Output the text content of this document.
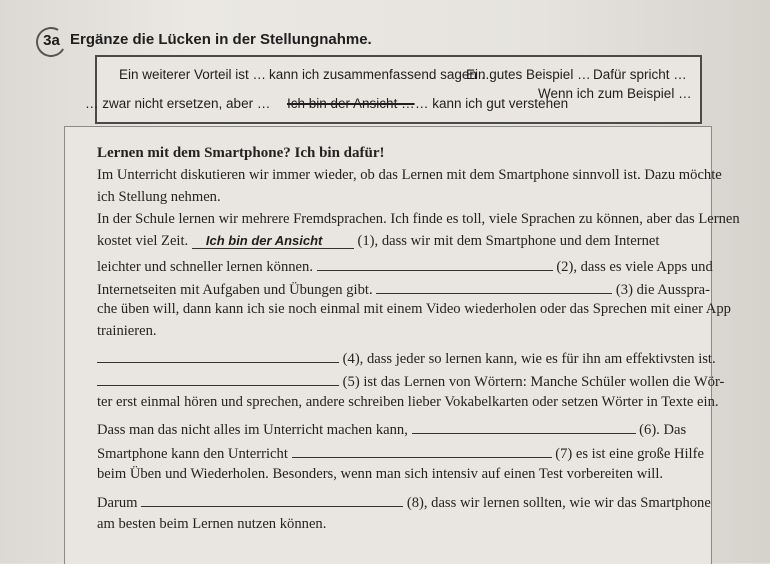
3a Ergänze die Lücken in der Stellungnahme.
Ein weiterer Vorteil ist … kann ich zusammenfassend sagen …
Ein gutes Beispiel … Dafür spricht …
Wenn ich zum Beispiel …
… zwar nicht ersetzen, aber … Ich bin der Ansicht … … kann ich gut verstehen
Lernen mit dem Smartphone? Ich bin dafür!
Im Unterricht diskutieren wir immer wieder, ob das Lernen mit dem Smartphone sinnvoll ist. Dazu möchte
ich Stellung nehmen.
In der Schule lernen wir mehrere Fremdsprachen. Ich finde es toll, viele Sprachen zu können, aber das Lernen
kostet viel Zeit. Ich bin der Ansicht (1), dass wir mit dem Smartphone und dem Internet
leichter und schneller lernen können.	(2), dass es viele Apps und
Internetseiten mit Aufgaben und Übungen gibt.	(3) die Ausspra-
che üben will, dann kann ich sie noch einmal mit einem Video wiederholen oder das Sprechen mit einer App
trainieren.
(4), dass jeder so lernen kann, wie es für ihn am effektivsten ist.
(5) ist das Lernen von Wörtern: Manche Schüler wollen die Wör-
ter erst einmal hören und sprechen, andere schreiben lieber Vokabelkarten oder setzen Wörter in Texte ein.
Dass man das nicht alles im Unterricht machen kann,	(6). Das
Smartphone kann den Unterricht	(7) es ist eine große Hilfe
beim Üben und Wiederholen. Besonders, wenn man sich intensiv auf einen Test vorbereiten will.
Darum	(8), dass wir lernen sollten, wie wir das Smartphone
am besten beim Lernen nutzen können.
